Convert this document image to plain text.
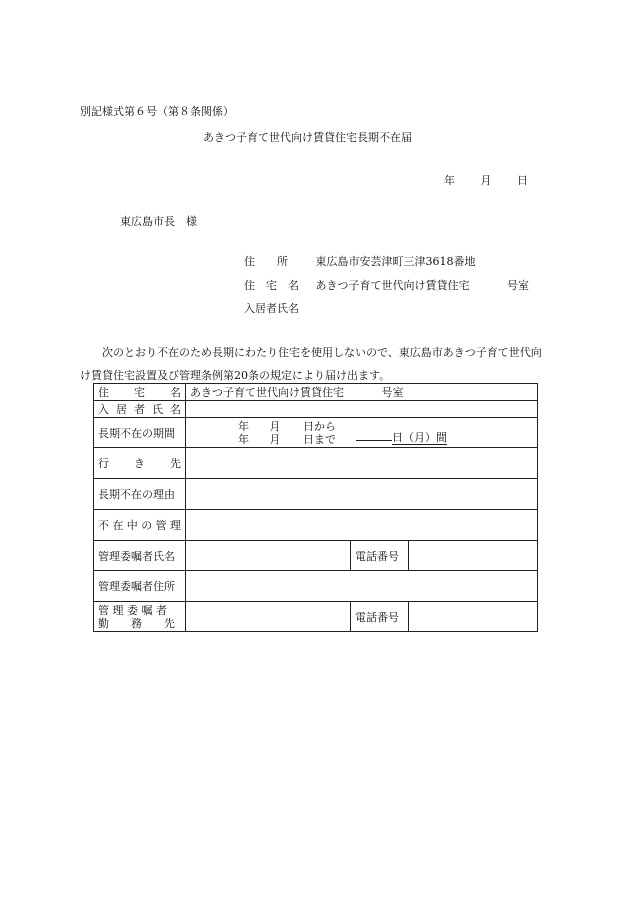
別記様式第６号（第８条関係）
あきつ子育て世代向け賃貸住宅長期不在届
年 月 日
東広島市長　様
住　　所	東広島市安芸津町三津3618番地
住　宅　名 あきつ子育て世代向け賃貸住宅	号室
入居者氏名
次のとおり不在のため長期にわたり住宅を使用しないので、東広島市あきつ子育て世代向け賃貸住宅設置及び管理条例第20条の規定により届け出ます。
住　宅　名	あきつ子育て世代向け賃貸住宅 号室		

入居者氏名			

長期不在の期間	年 月 日から
年 月 日まで 日（月）間		

行　き　先			

長期不在の理由			

不在中の管理			

管理委嘱者氏名		電話番号	
管理委嘱者住所			

管 理 委 嘱 者
勤　　務　　先		電話番号	
